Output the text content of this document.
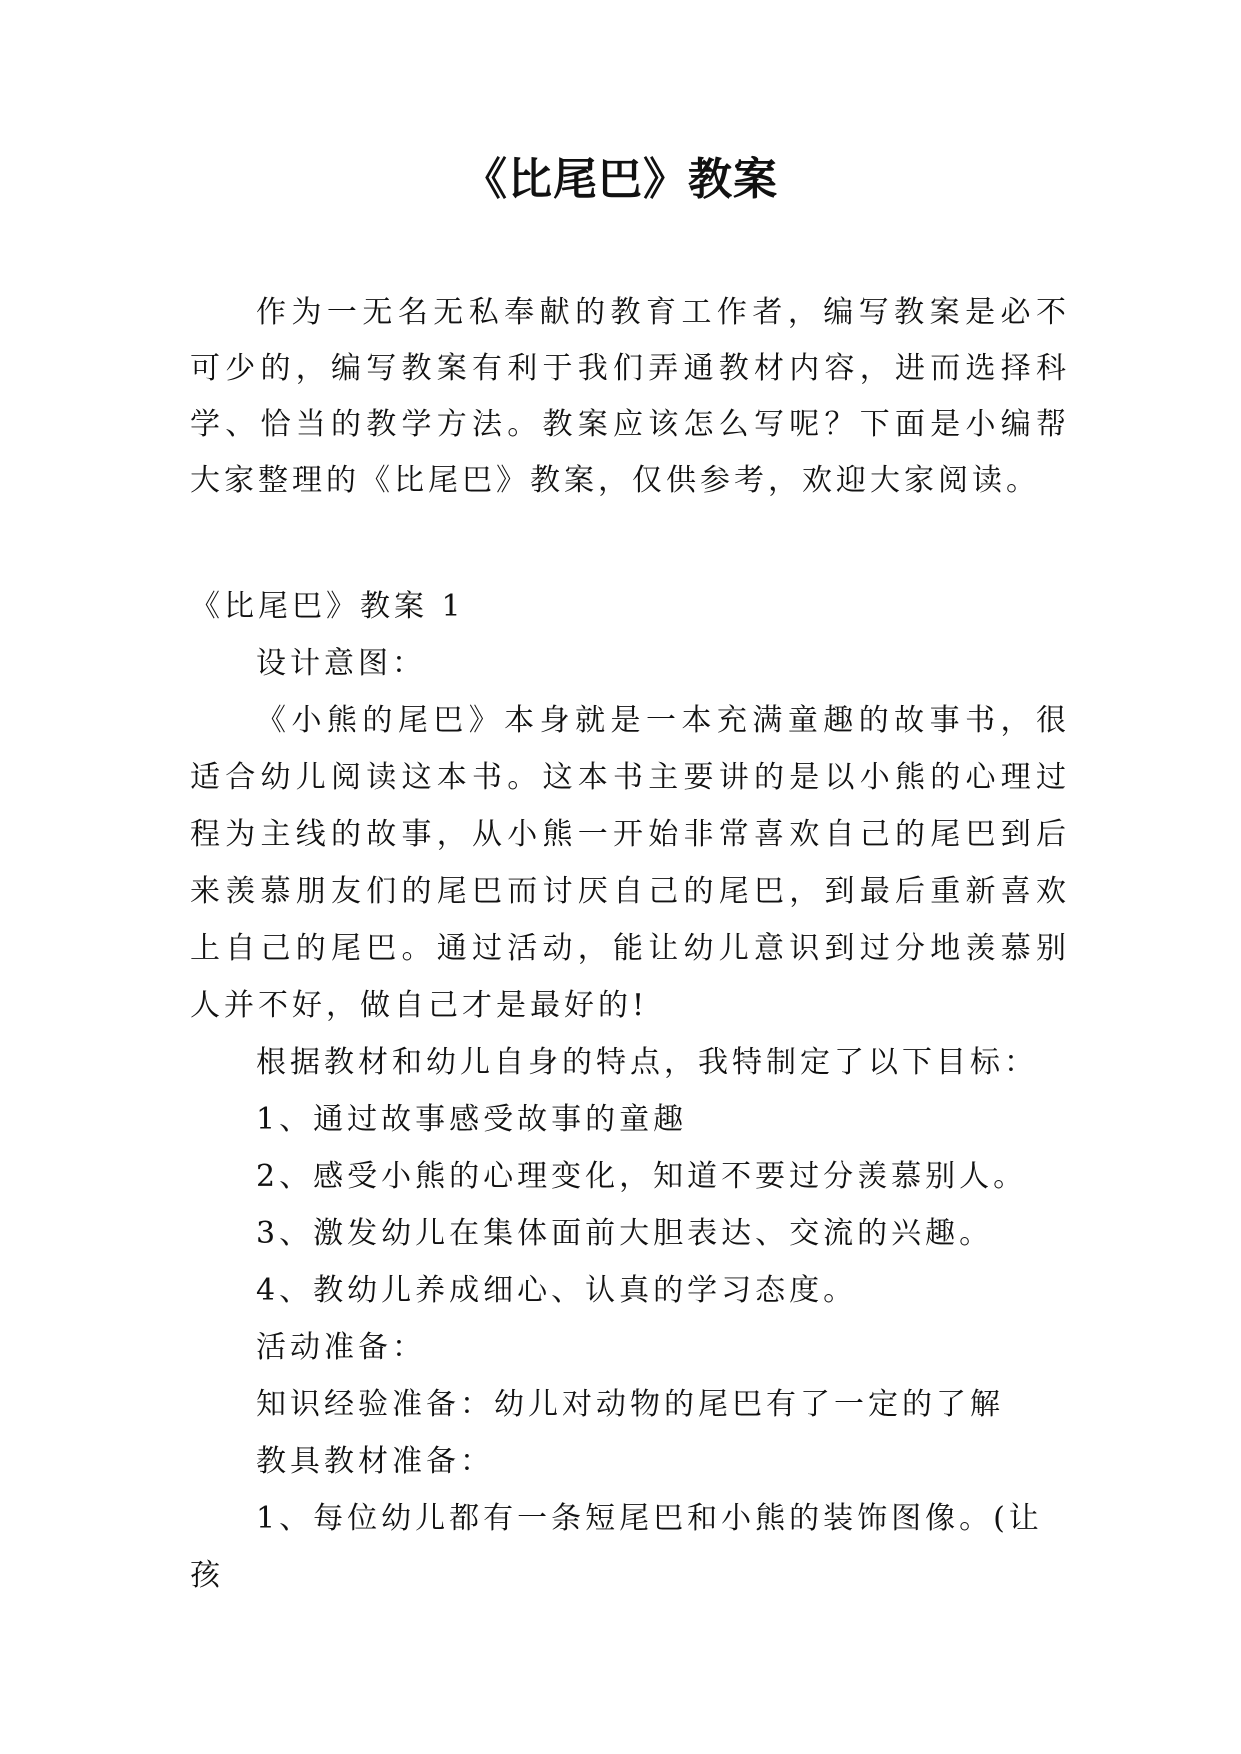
《比尾巴》教案
作为一无名无私奉献的教育工作者，编写教案是必不可少的，编写教案有利于我们弄通教材内容，进而选择科学、恰当的教学方法。教案应该怎么写呢？下面是小编帮大家整理的《比尾巴》教案，仅供参考，欢迎大家阅读。

《比尾巴》教案 1

设计意图：

《小熊的尾巴》本身就是一本充满童趣的故事书，很适合幼儿阅读这本书。这本书主要讲的是以小熊的心理过程为主线的故事，从小熊一开始非常喜欢自己的尾巴到后来羡慕朋友们的尾巴而讨厌自己的尾巴，到最后重新喜欢上自己的尾巴。通过活动，能让幼儿意识到过分地羡慕别人并不好，做自己才是最好的!

根据教材和幼儿自身的特点，我特制定了以下目标：

1、通过故事感受故事的童趣

2、感受小熊的心理变化，知道不要过分羡慕别人。

3、激发幼儿在集体面前大胆表达、交流的兴趣。

4、教幼儿养成细心、认真的学习态度。

活动准备：

知识经验准备：幼儿对动物的尾巴有了一定的了解

教具教材准备：

1、每位幼儿都有一条短尾巴和小熊的装饰图像。(让孩
